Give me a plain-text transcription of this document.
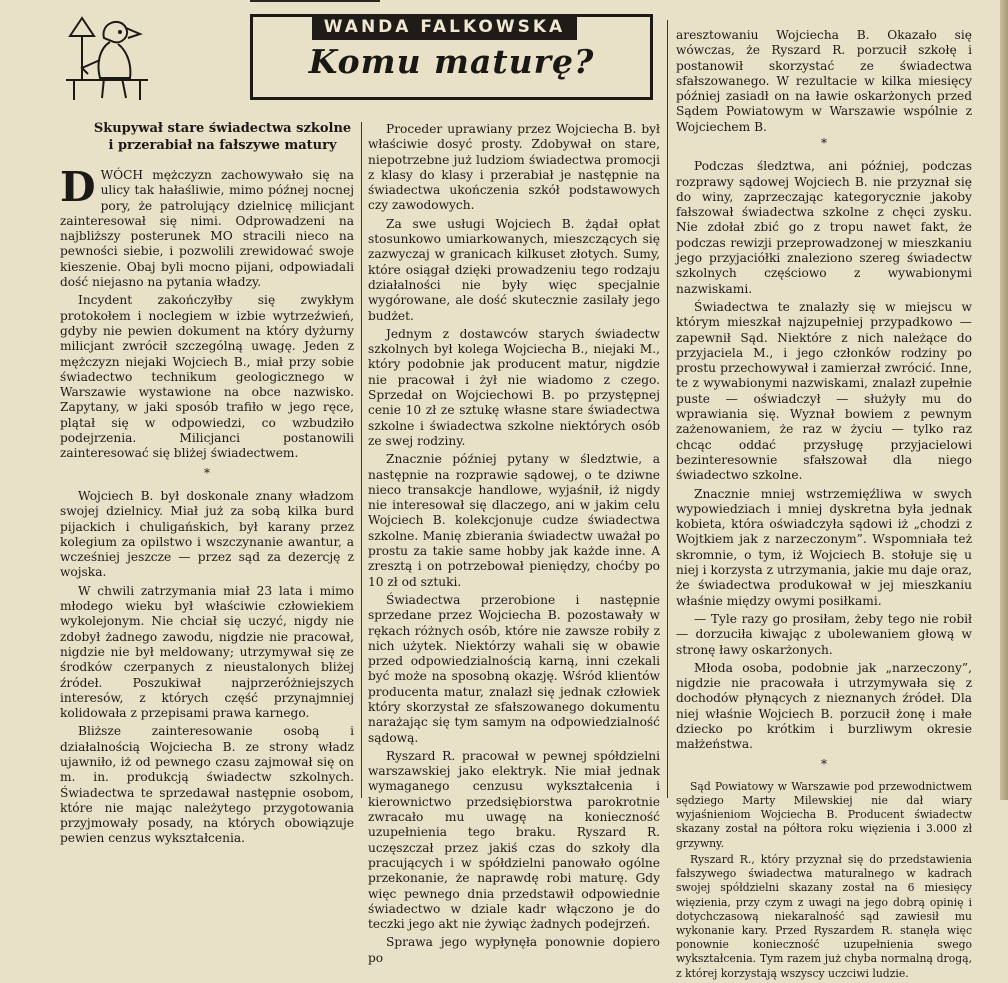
WANDA FALKOWSKA
Komu maturę?
Skupywał stare świadectwa szkolne i przerabiał na fałszywe matury

DWÓCH mężczyzn zachowywało się na ulicy tak hałaśliwie, mimo późnej nocnej pory, że patrolujący dzielnicę milicjant zainteresował się nimi. Odprowadzeni na najbliższy posterunek MO stracili nieco na pewności siebie, i pozwolili zrewidować swoje kieszenie. Obaj byli mocno pijani, odpowiadali dość niejasno na pytania władzy.

Incydent zakończyłby się zwykłym protokołem i noclegiem w izbie wytrzeźwień, gdyby nie pewien dokument na który dyżurny milicjant zwrócił szczególną uwagę. Jeden z mężczyzn niejaki Wojciech B., miał przy sobie świadectwo technikum geologicznego w Warszawie wystawione na obce nazwisko. Zapytany, w jaki sposób trafiło w jego ręce, plątał się w odpowiedzi, co wzbudziło podejrzenia. Milicjanci postanowili zainteresować się bliżej świadectwem.

*

Wojciech B. był doskonale znany władzom swojej dzielnicy. Miał już za sobą kilka burd pijackich i chuligańskich, był karany przez kolegium za opilstwo i wszczynanie awantur, a wcześniej jeszcze — przez sąd za dezercję z wojska.

W chwili zatrzymania miał 23 lata i mimo młodego wieku był właściwie człowiekiem wykolejonym. Nie chciał się uczyć, nigdy nie zdobył żadnego zawodu, nigdzie nie pracował, nigdzie nie był meldowany; utrzymywał się ze środków czerpanych z nieustalonych bliżej źródeł. Poszukiwał najprzeróżniejszych interesów, z których część przynajmniej kolidowała z przepisami prawa karnego.

Bliższe zainteresowanie osobą i działalnością Wojciecha B. ze strony władz ujawniło, iż od pewnego czasu zajmował się on m. in. produkcją świadectw szkolnych. Świadectwa te sprzedawał następnie osobom, które nie mając należytego przygotowania przyjmowały posady, na których obowiązuje pewien cenzus wykształcenia.

Proceder uprawiany przez Wojciecha B. był właściwie dosyć prosty. Zdobywał on stare, niepotrzebne już ludziom świadectwa promocji z klasy do klasy i przerabiał je następnie na świadectwa ukończenia szkół podstawowych czy zawodowych.

Za swe usługi Wojciech B. żądał opłat stosunkowo umiarkowanych, mieszczących się zazwyczaj w granicach kilkuset złotych. Sumy, które osiągał dzięki prowadzeniu tego rodzaju działalności nie były więc specjalnie wygórowane, ale dość skutecznie zasilały jego budżet.

Jednym z dostawców starych świadectw szkolnych był kolega Wojciecha B., niejaki M., który podobnie jak producent matur, nigdzie nie pracował i żył nie wiadomo z czego. Sprzedał on Wojciechowi B. po przystępnej cenie 10 zł ze sztukę własne stare świadectwa szkolne i świadectwa szkolne niektórych osób ze swej rodziny.

Znacznie później pytany w śledztwie, a następnie na rozprawie sądowej, o te dziwne nieco transakcje handlowe, wyjaśnił, iż nigdy nie interesował się dlaczego, ani w jakim celu Wojciech B. kolekcjonuje cudze świadectwa szkolne. Manię zbierania świadectw uważał po prostu za takie same hobby jak każde inne. A zresztą i on potrzebował pieniędzy, choćby po 10 zł od sztuki.

Świadectwa przerobione i następnie sprzedane przez Wojciecha B. pozostawały w rękach różnych osób, które nie zawsze robiły z nich użytek. Niektórzy wahali się w obawie przed odpowiedzialnością karną, inni czekali być może na sposobną okazję. Wśród klientów producenta matur, znalazł się jednak człowiek który skorzystał ze sfałszowanego dokumentu narażając się tym samym na odpowiedzialność sądową.

Ryszard R. pracował w pewnej spółdzielni warszawskiej jako elektryk. Nie miał jednak wymaganego cenzusu wykształcenia i kierownictwo przedsiębiorstwa parokrotnie zwracało mu uwagę na konieczność uzupełnienia tego braku. Ryszard R. uczęszczał przez jakiś czas do szkoły dla pracujących i w spółdzielni panowało ogólne przekonanie, że naprawdę robi maturę. Gdy więc pewnego dnia przedstawił odpowiednie świadectwo w dziale kadr włączono je do teczki jego akt nie żywiąc żadnych podejrzeń.

Sprawa jego wypłynęła ponownie dopiero po

aresztowaniu Wojciecha B. Okazało się wówczas, że Ryszard R. porzucił szkołę i postanowił skorzystać ze świadectwa sfałszowanego. W rezultacie w kilka miesięcy później zasiadł on na ławie oskarżonych przed Sądem Powiatowym w Warszawie wspólnie z Wojciechem B.

*

Podczas śledztwa, ani później, podczas rozprawy sądowej Wojciech B. nie przyznał się do winy, zaprzeczając kategorycznie jakoby fałszował świadectwa szkolne z chęci zysku. Nie zdołał zbić go z tropu nawet fakt, że podczas rewizji przeprowadzonej w mieszkaniu jego przyjaciółki znaleziono szereg świadectw szkolnych częściowo z wywabionymi nazwiskami.

Świadectwa te znalazły się w miejscu w którym mieszkał najzupełniej przypadkowo — zapewnił Sąd. Niektóre z nich należące do przyjaciela M., i jego członków rodziny po prostu przechowywał i zamierzał zwrócić. Inne, te z wywabionymi nazwiskami, znalazł zupełnie puste — oświadczył — służyły mu do wprawiania się. Wyznał bowiem z pewnym zażenowaniem, że raz w życiu — tylko raz chcąc oddać przysługę przyjacielowi bezinteresownie sfałszował dla niego świadectwo szkolne.

Znacznie mniej wstrzemięźliwa w swych wypowiedziach i mniej dyskretna była jednak kobieta, która oświadczyła sądowi iż „chodzi z Wojtkiem jak z narzeczonym”. Wspomniała też skromnie, o tym, iż Wojciech B. stołuje się u niej i korzysta z utrzymania, jakie mu daje oraz, że świadectwa produkował w jej mieszkaniu właśnie między owymi posiłkami.

— Tyle razy go prosiłam, żeby tego nie robił — dorzuciła kiwając z ubolewaniem głową w stronę ławy oskarżonych.

Młoda osoba, podobnie jak „narzeczony”, nigdzie nie pracowała i utrzymywała się z dochodów płynących z nieznanych źródeł. Dla niej właśnie Wojciech B. porzucił żonę i małe dziecko po krótkim i burzliwym okresie małżeństwa.

*

Sąd Powiatowy w Warszawie pod przewodnictwem sędziego Marty Milewskiej nie dał wiary wyjaśnieniom Wojciecha B. Producent świadectw skazany został na półtora roku więzienia i 3.000 zł grzywny.

Ryszard R., który przyznał się do przedstawienia fałszywego świadectwa maturalnego w kadrach swojej spółdzielni skazany został na 6 miesięcy więzienia, przy czym z uwagi na jego dobrą opinię i dotychczasową niekaralność sąd zawiesił mu wykonanie kary. Przed Ryszardem R. stanęła więc ponownie konieczność uzupełnienia swego wykształcenia. Tym razem już chyba normalną drogą, z której korzystają wszyscy uczciwi ludzie.
